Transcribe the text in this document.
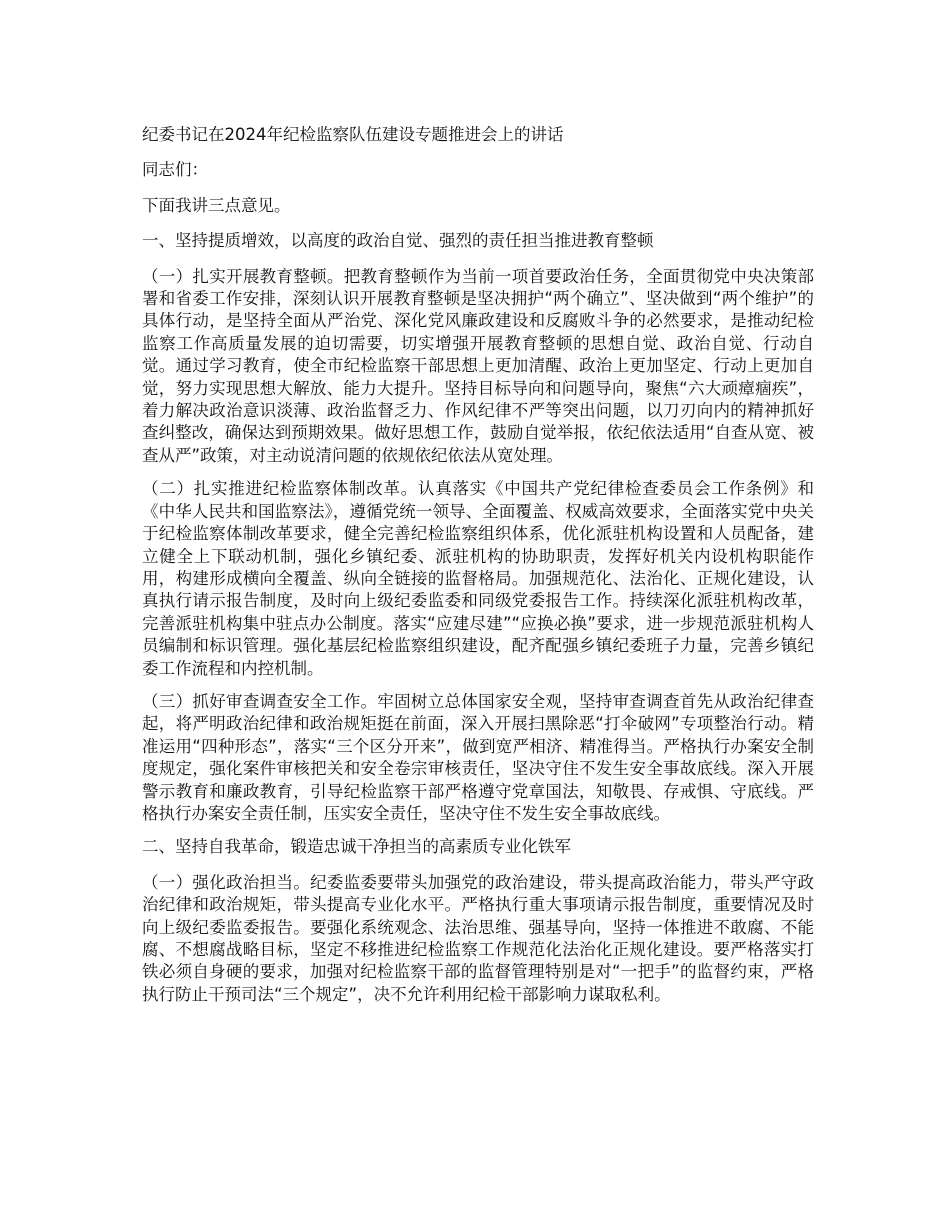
纪委书记在2024年纪检监察队伍建设专题推进会上的讲话

同志们：

下面我讲三点意见。

一、坚持提质增效，以高度的政治自觉、强烈的责任担当推进教育整顿

（一）扎实开展教育整顿。把教育整顿作为当前一项首要政治任务，全面贯彻党中央决策部署和省委工作安排，深刻认识开展教育整顿是坚决拥护“两个确立”、坚决做到“两个维护”的具体行动，是坚持全面从严治党、深化党风廉政建设和反腐败斗争的必然要求，是推动纪检监察工作高质量发展的迫切需要，切实增强开展教育整顿的思想自觉、政治自觉、行动自觉。通过学习教育，使全市纪检监察干部思想上更加清醒、政治上更加坚定、行动上更加自觉，努力实现思想大解放、能力大提升。坚持目标导向和问题导向，聚焦“六大顽瘴痼疾”，着力解决政治意识淡薄、政治监督乏力、作风纪律不严等突出问题，以刀刃向内的精神抓好查纠整改，确保达到预期效果。做好思想工作，鼓励自觉举报，依纪依法适用“自查从宽、被查从严”政策，对主动说清问题的依规依纪依法从宽处理。

（二）扎实推进纪检监察体制改革。认真落实《中国共产党纪律检查委员会工作条例》和《中华人民共和国监察法》，遵循党统一领导、全面覆盖、权威高效要求，全面落实党中央关于纪检监察体制改革要求，健全完善纪检监察组织体系，优化派驻机构设置和人员配备，建立健全上下联动机制，强化乡镇纪委、派驻机构的协助职责，发挥好机关内设机构职能作用，构建形成横向全覆盖、纵向全链接的监督格局。加强规范化、法治化、正规化建设，认真执行请示报告制度，及时向上级纪委监委和同级党委报告工作。持续深化派驻机构改革，完善派驻机构集中驻点办公制度。落实“应建尽建”“应换必换”要求，进一步规范派驻机构人员编制和标识管理。强化基层纪检监察组织建设，配齐配强乡镇纪委班子力量，完善乡镇纪委工作流程和内控机制。

（三）抓好审查调查安全工作。牢固树立总体国家安全观，坚持审查调查首先从政治纪律查起，将严明政治纪律和政治规矩挺在前面，深入开展扫黑除恶“打伞破网”专项整治行动。精准运用“四种形态”，落实“三个区分开来”，做到宽严相济、精准得当。严格执行办案安全制度规定，强化案件审核把关和安全卷宗审核责任，坚决守住不发生安全事故底线。深入开展警示教育和廉政教育，引导纪检监察干部严格遵守党章国法，知敬畏、存戒惧、守底线。严格执行办案安全责任制，压实安全责任，坚决守住不发生安全事故底线。

二、坚持自我革命，锻造忠诚干净担当的高素质专业化铁军

（一）强化政治担当。纪委监委要带头加强党的政治建设，带头提高政治能力，带头严守政治纪律和政治规矩，带头提高专业化水平。严格执行重大事项请示报告制度，重要情况及时向上级纪委监委报告。要强化系统观念、法治思维、强基导向，坚持一体推进不敢腐、不能腐、不想腐战略目标，坚定不移推进纪检监察工作规范化法治化正规化建设。要严格落实打铁必须自身硬的要求，加强对纪检监察干部的监督管理特别是对“一把手”的监督约束，严格执行防止干预司法“三个规定”，决不允许利用纪检干部影响力谋取私利。
